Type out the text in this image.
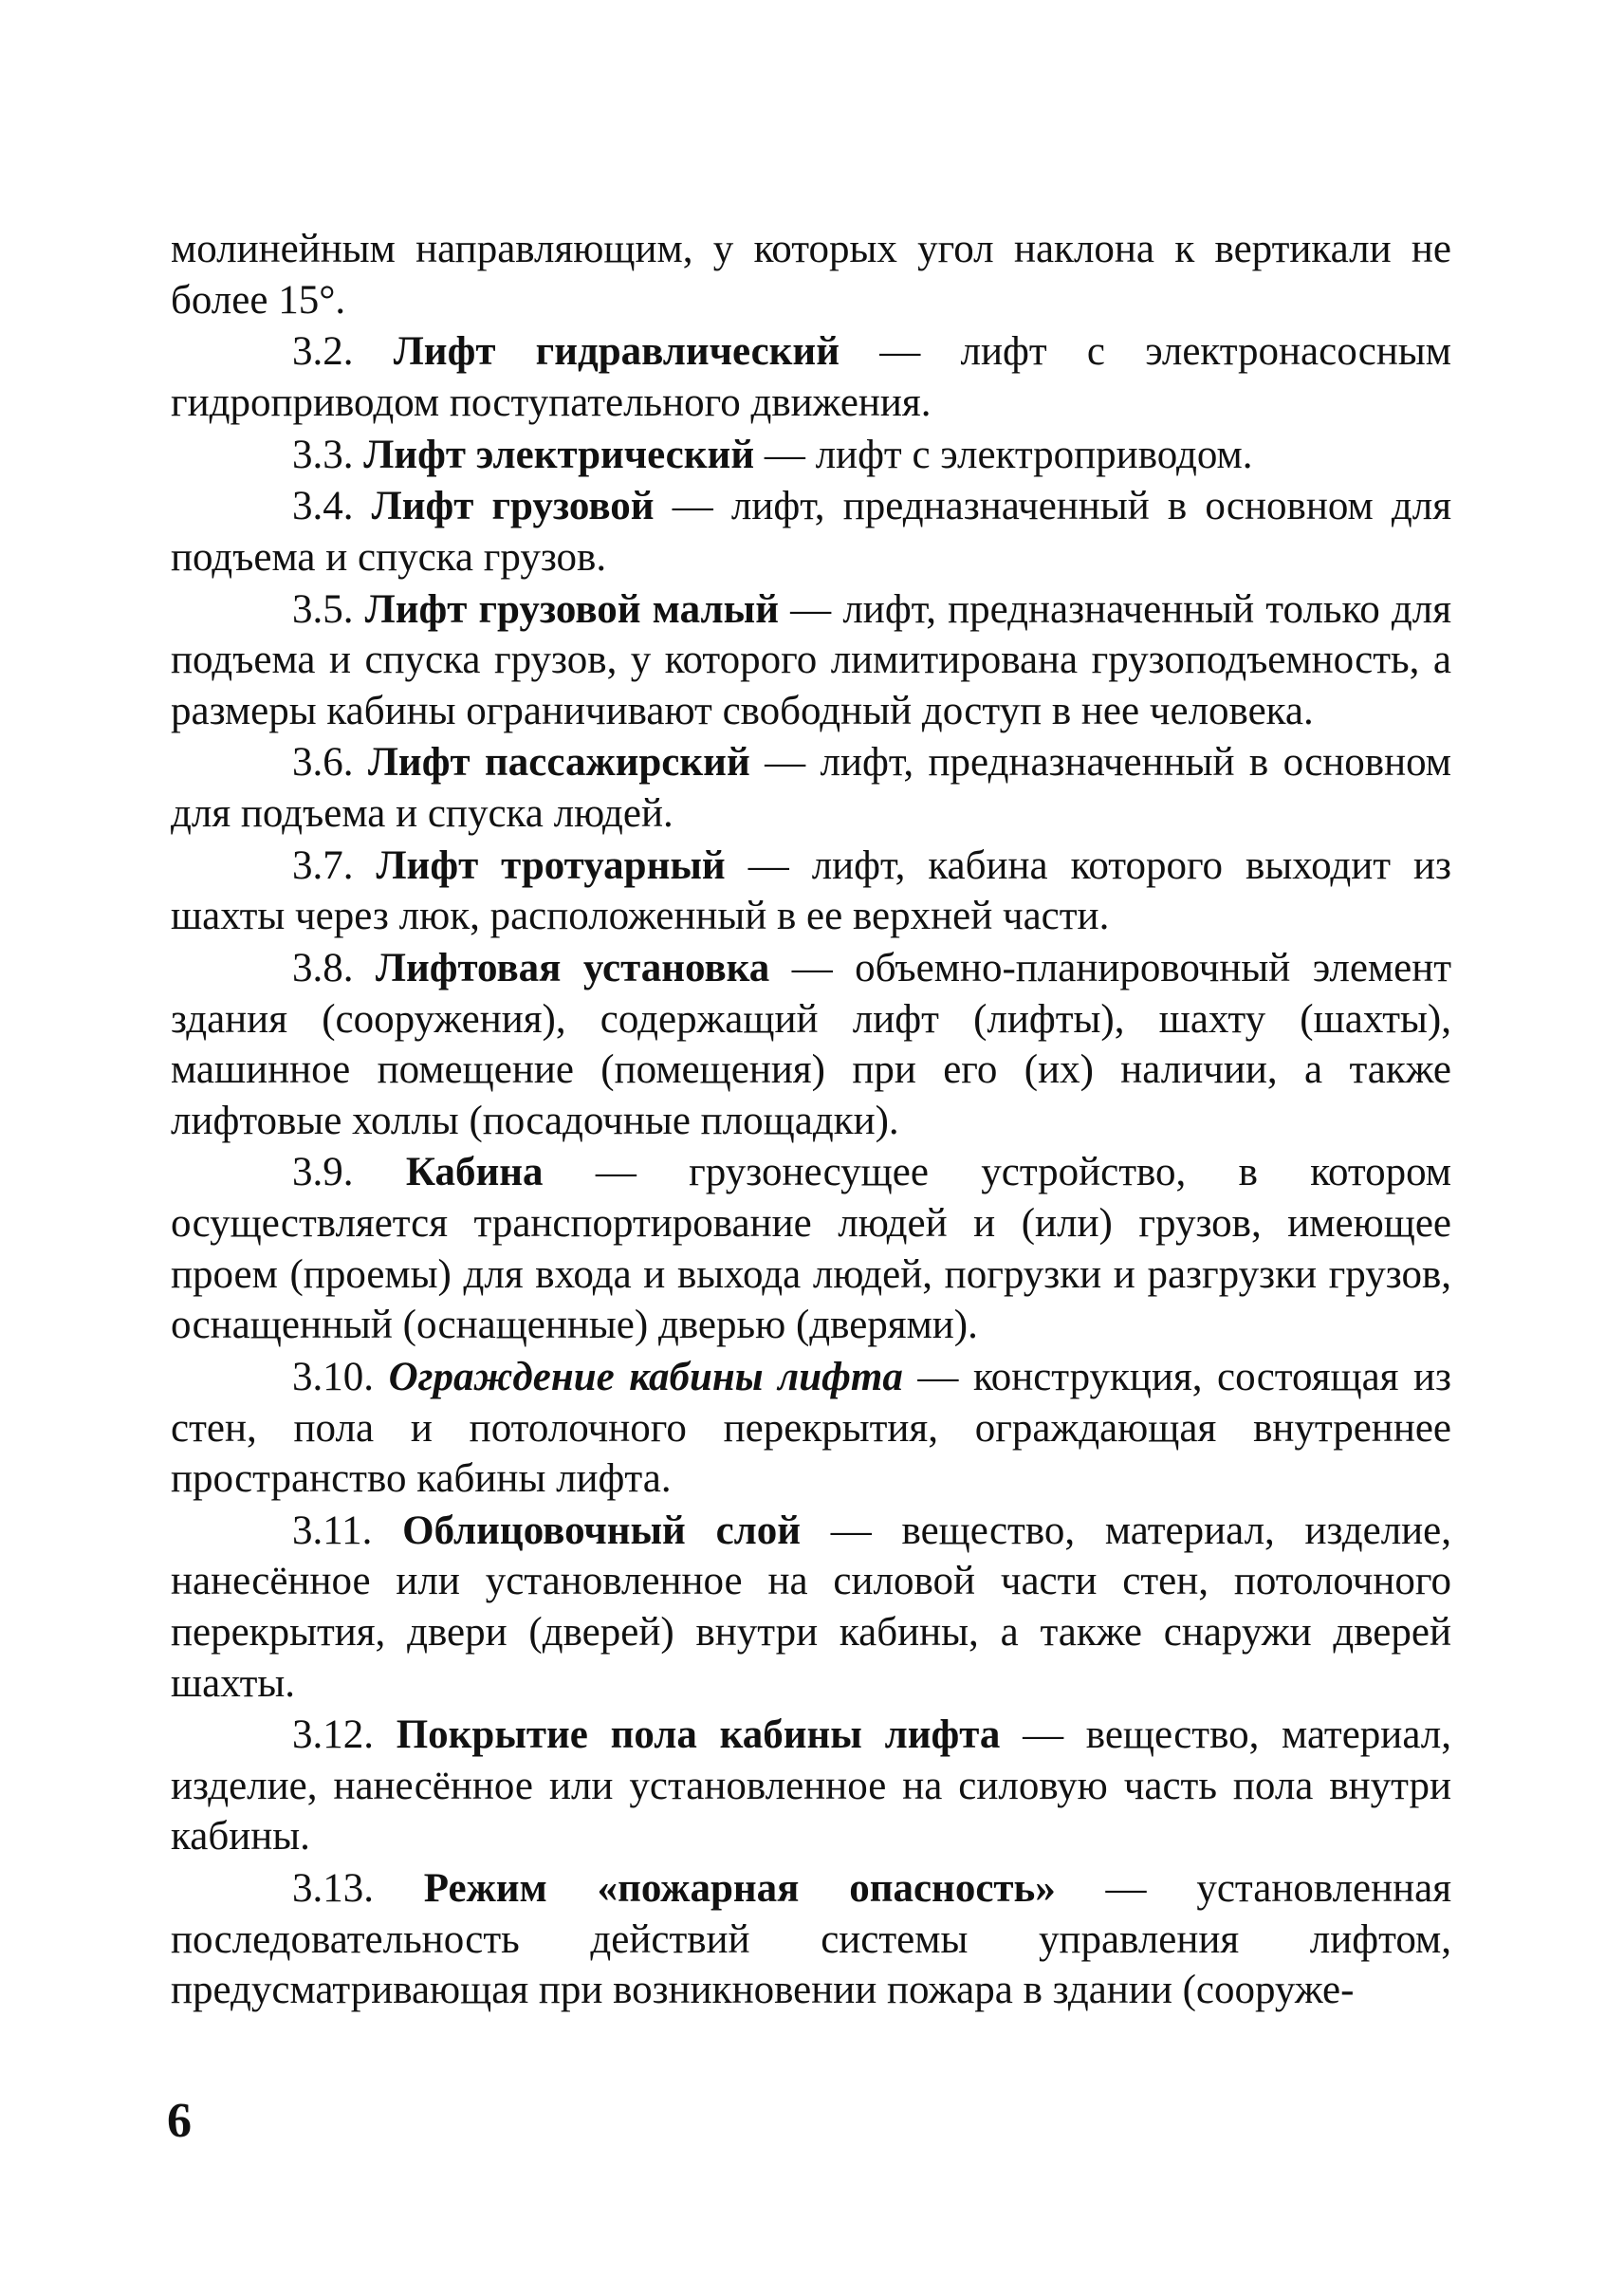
молинейным направляющим, у которых угол наклона к вертикали не более 15°.

3.2. Лифт гидравлический — лифт с электронасосным гидроприводом поступательного движения.

3.3. Лифт электрический — лифт с электроприводом.

3.4. Лифт грузовой — лифт, предназначенный в основном для подъема и спуска грузов.

3.5. Лифт грузовой малый — лифт, предназначенный только для подъема и спуска грузов, у которого лимитирована грузоподъемность, а размеры кабины ограничивают свободный доступ в нее человека.

3.6. Лифт пассажирский — лифт, предназначенный в основном для подъема и спуска людей.

3.7. Лифт тротуарный — лифт, кабина которого выходит из шахты через люк, расположенный в ее верхней части.

3.8. Лифтовая установка — объемно-планировочный элемент здания (сооружения), содержащий лифт (лифты), шахту (шахты), машинное помещение (помещения) при его (их) наличии, а также лифтовые холлы (посадочные площадки).

3.9. Кабина — грузонесущее устройство, в котором осуществляется транспортирование людей и (или) грузов, имеющее проем (проемы) для входа и выхода людей, погрузки и разгрузки грузов, оснащенный (оснащенные) дверью (дверями).

3.10. Ограждение кабины лифта — конструкция, состоящая из стен, пола и потолочного перекрытия, ограждающая внутреннее пространство кабины лифта.

3.11. Облицовочный слой — вещество, материал, изделие, нанесённое или установленное на силовой части стен, потолочного перекрытия, двери (дверей) внутри кабины, а также снаружи дверей шахты.

3.12. Покрытие пола кабины лифта — вещество, материал, изделие, нанесённое или установленное на силовую часть пола внутри кабины.

3.13. Режим «пожарная опасность» — установленная последовательность действий системы управления лифтом, предусматривающая при возникновении пожара в здании (сооруже-

6
